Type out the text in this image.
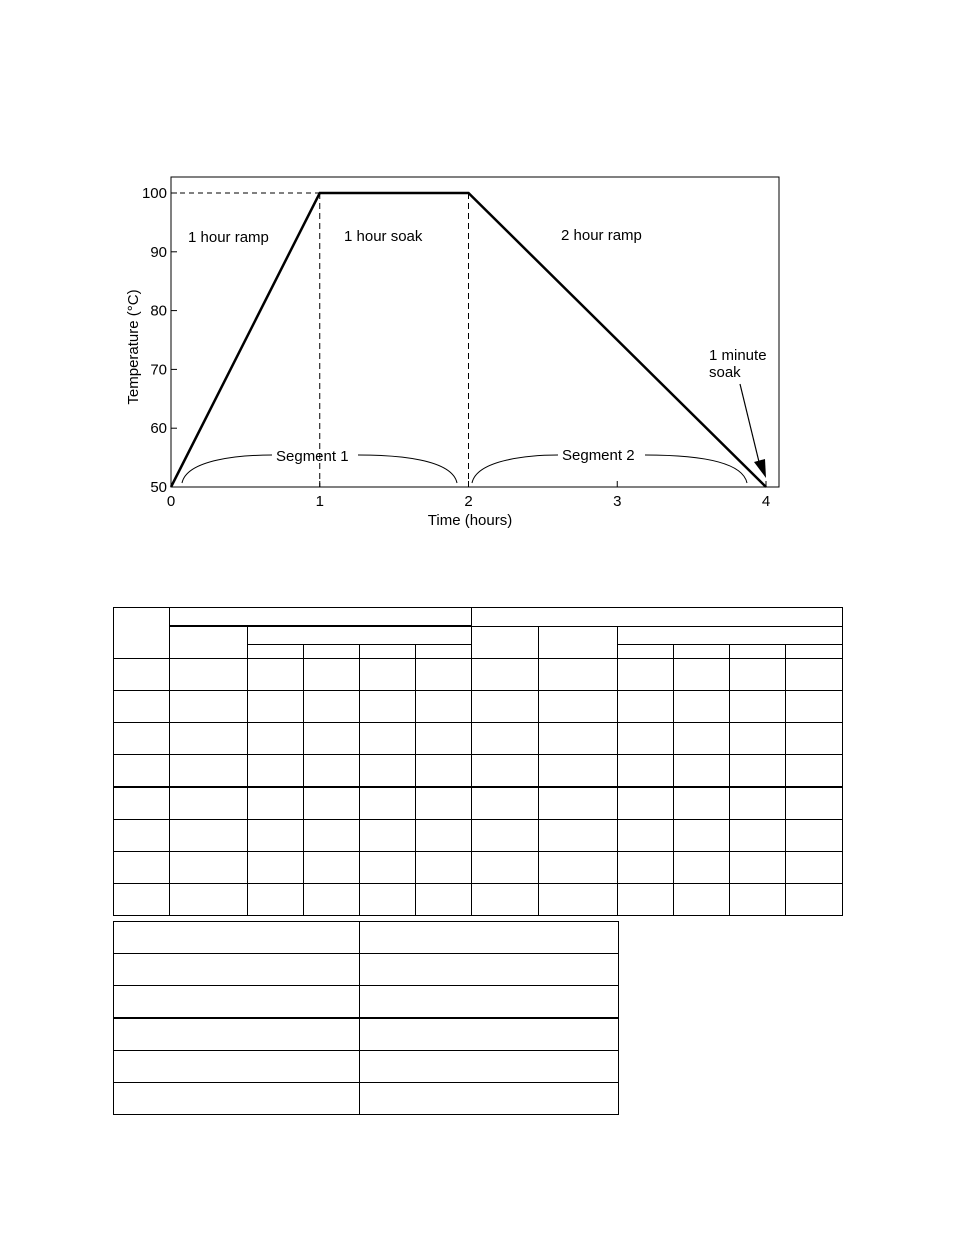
50
60
70
80
90
100
0	1	2	3	4
Time (hours)
Temperature (°C)
1 hour ramp	1 hour soak	2 hour ramp
Segment 1	Segment 2
1 minute
soak
